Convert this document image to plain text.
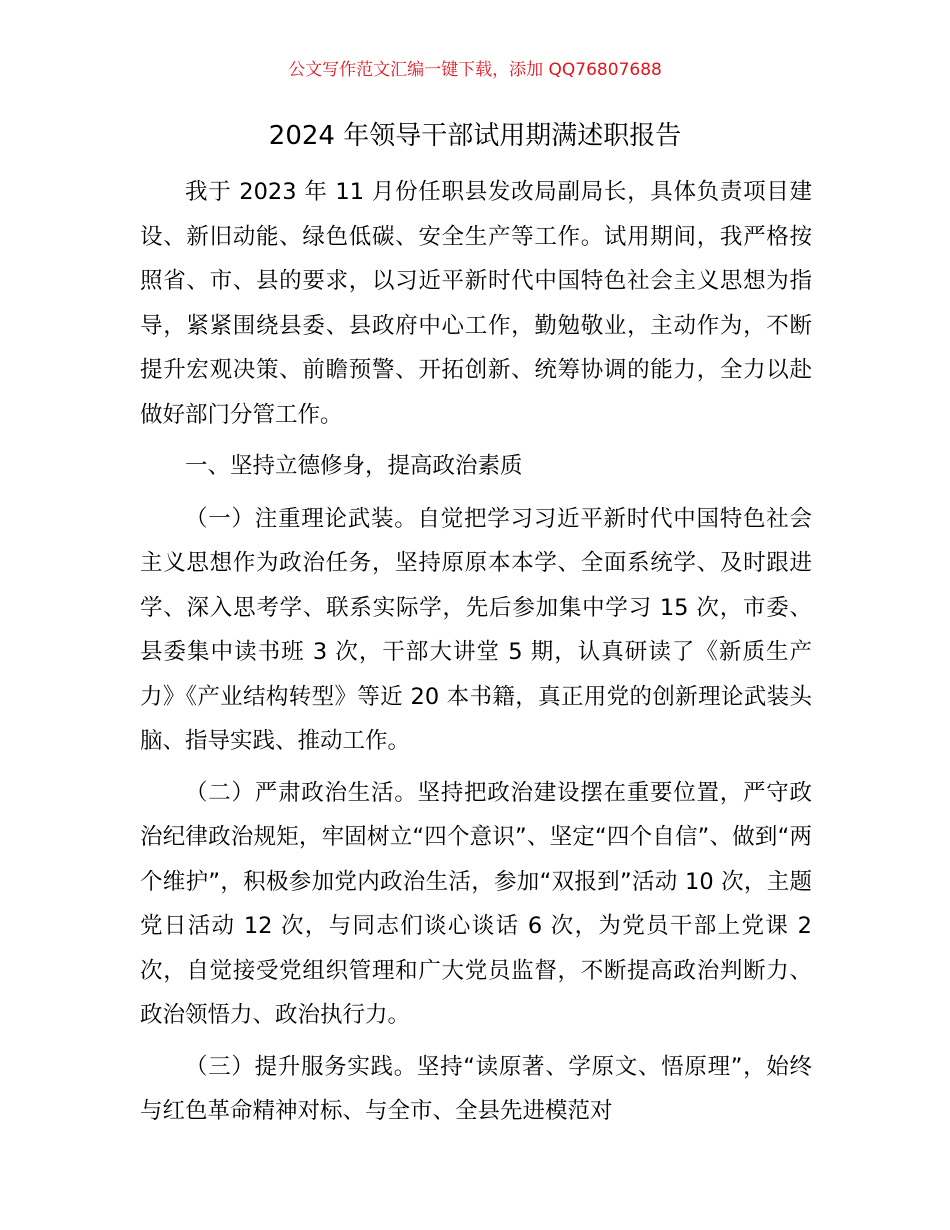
公文写作范文汇编一键下载，添加 QQ76807688
2024 年领导干部试用期满述职报告

我于 2023 年 11 月份任职县发改局副局长，具体负责项目建设、新旧动能、绿色低碳、安全生产等工作。试用期间，我严格按照省、市、县的要求，以习近平新时代中国特色社会主义思想为指导，紧紧围绕县委、县政府中心工作，勤勉敬业，主动作为，不断提升宏观决策、前瞻预警、开拓创新、统筹协调的能力，全力以赴做好部门分管工作。

一、坚持立德修身，提高政治素质

（一）注重理论武装。自觉把学习习近平新时代中国特色社会主义思想作为政治任务，坚持原原本本学、全面系统学、及时跟进学、深入思考学、联系实际学，先后参加集中学习 15 次，市委、县委集中读书班 3 次，干部大讲堂 5 期，认真研读了《新质生产力》《产业结构转型》等近 20 本书籍，真正用党的创新理论武装头脑、指导实践、推动工作。

（二）严肃政治生活。坚持把政治建设摆在重要位置，严守政治纪律政治规矩，牢固树立“四个意识”、坚定“四个自信”、做到“两个维护”，积极参加党内政治生活，参加“双报到”活动 10 次，主题党日活动 12 次，与同志们谈心谈话 6 次，为党员干部上党课 2 次，自觉接受党组织管理和广大党员监督，不断提高政治判断力、政治领悟力、政治执行力。

（三）提升服务实践。坚持“读原著、学原文、悟原理”，始终与红色革命精神对标、与全市、全县先进模范对
